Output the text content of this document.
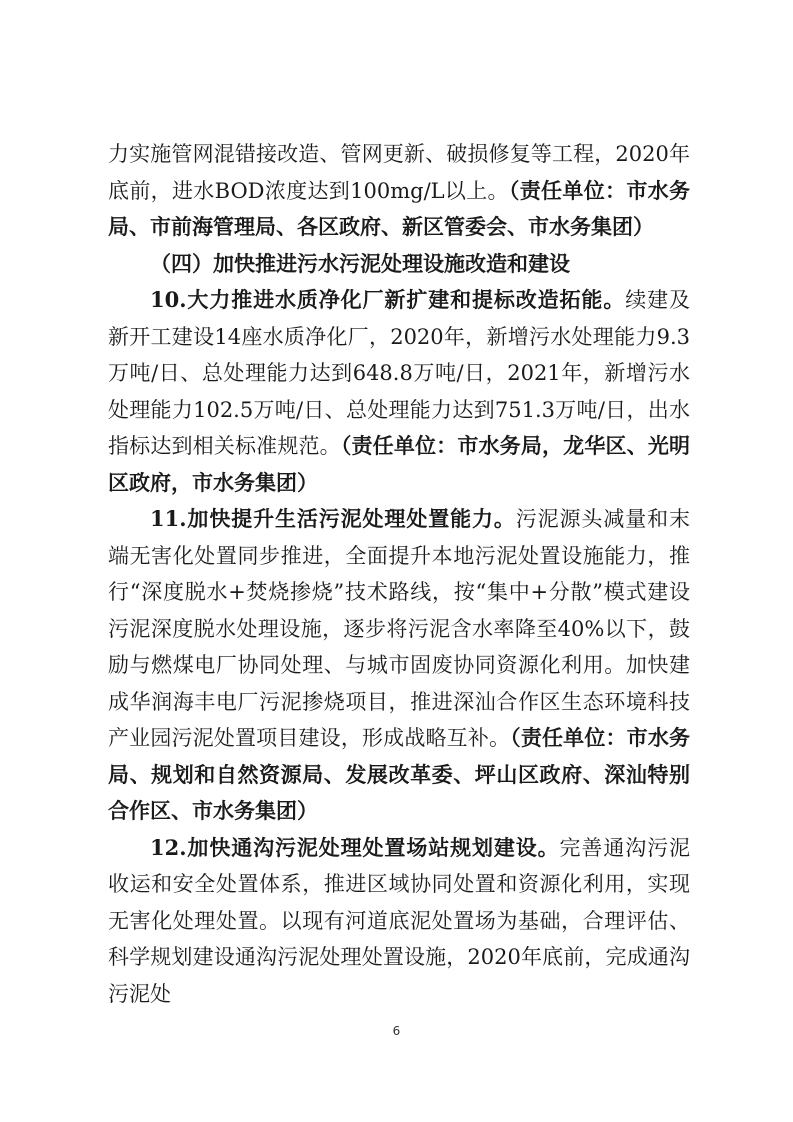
力实施管网混错接改造、管网更新、破损修复等工程，2020年底前，进水BOD浓度达到100mg/L以上。（责任单位：市水务局、市前海管理局、各区政府、新区管委会、市水务集团）

（四）加快推进污水污泥处理设施改造和建设

10.大力推进水质净化厂新扩建和提标改造拓能。续建及新开工建设14座水质净化厂，2020年，新增污水处理能力9.3万吨/日、总处理能力达到648.8万吨/日，2021年，新增污水处理能力102.5万吨/日、总处理能力达到751.3万吨/日，出水指标达到相关标准规范。（责任单位：市水务局，龙华区、光明区政府，市水务集团）

11.加快提升生活污泥处理处置能力。污泥源头减量和末端无害化处置同步推进，全面提升本地污泥处置设施能力，推行“深度脱水+焚烧掺烧”技术路线，按“集中+分散”模式建设污泥深度脱水处理设施，逐步将污泥含水率降至40%以下，鼓励与燃煤电厂协同处理、与城市固废协同资源化利用。加快建成华润海丰电厂污泥掺烧项目，推进深汕合作区生态环境科技产业园污泥处置项目建设，形成战略互补。（责任单位：市水务局、规划和自然资源局、发展改革委、坪山区政府、深汕特别合作区、市水务集团）

12.加快通沟污泥处理处置场站规划建设。完善通沟污泥收运和安全处置体系，推进区域协同处置和资源化利用，实现无害化处理处置。以现有河道底泥处置场为基础，合理评估、科学规划建设通沟污泥处理处置设施，2020年底前，完成通沟污泥处

6
